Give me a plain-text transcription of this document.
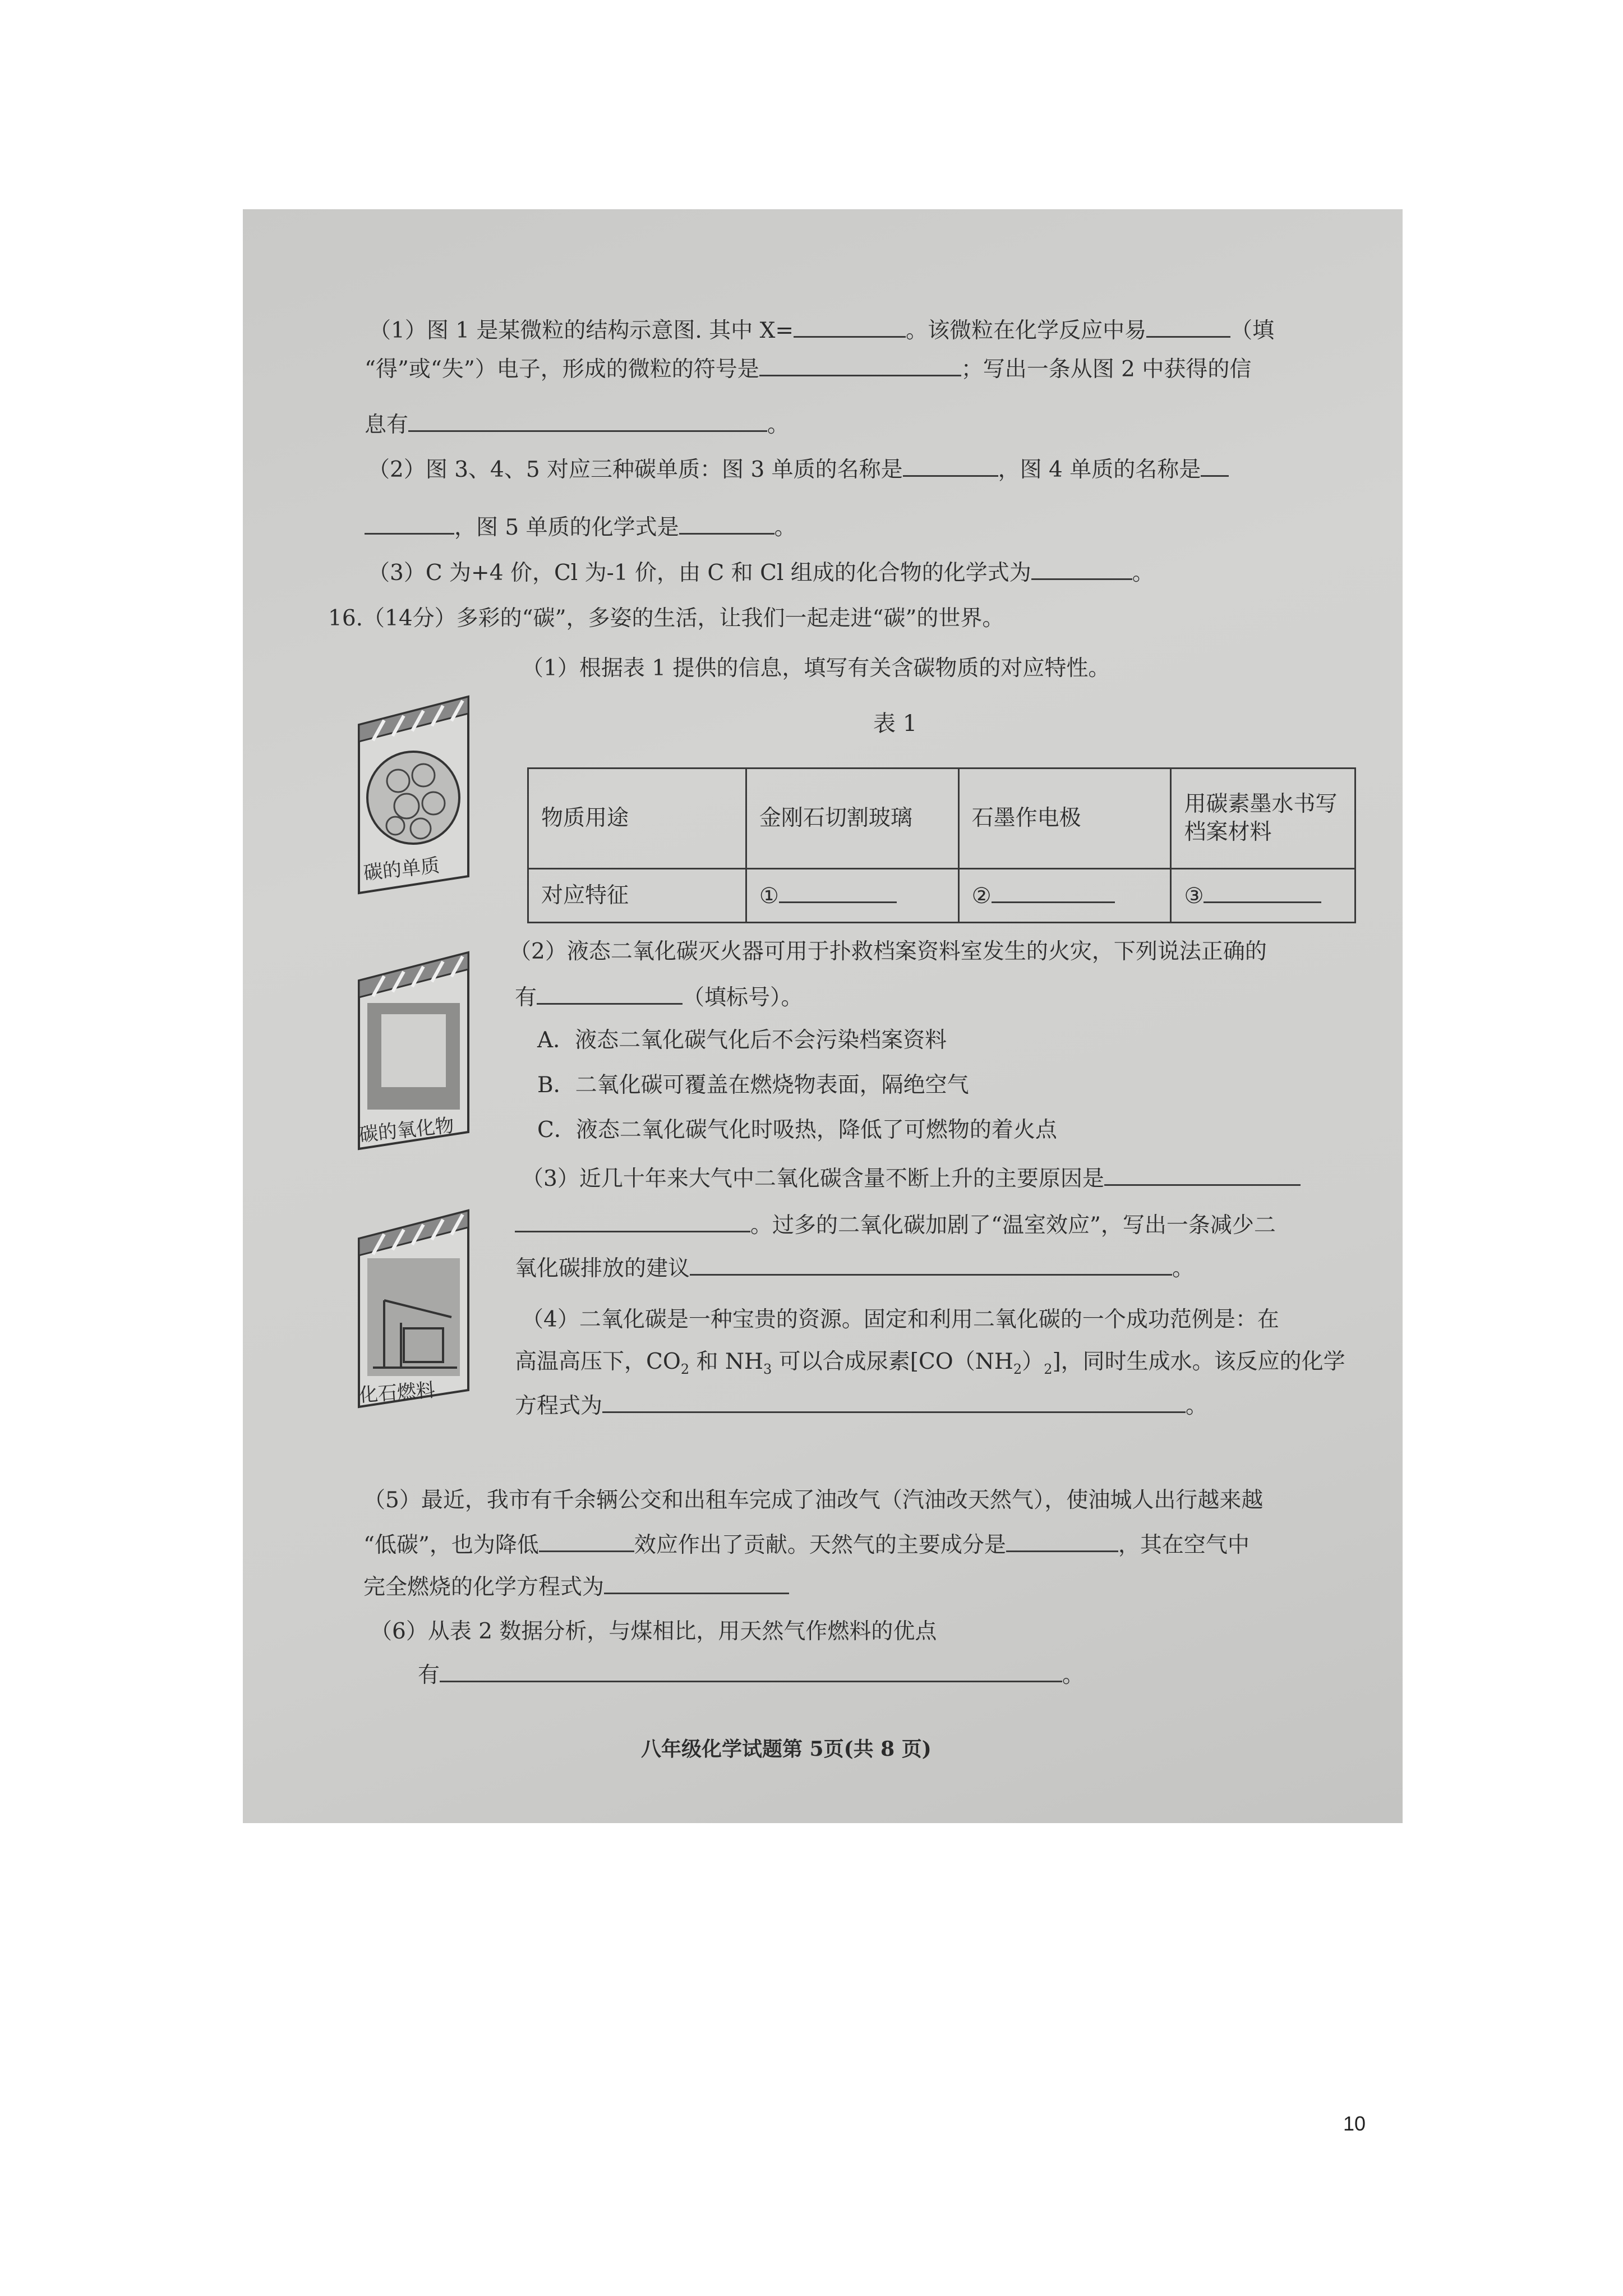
（1）图 1 是某微粒的结构示意图. 其中 X=	。该微粒在化学反应中易	（填
“得”或“失”）电子，形成的微粒的符号是	；写出一条从图 2 中获得的信
息有	。
（2）图 3、4、5 对应三种碳单质：图 3 单质的名称是	，图 4 单质的名称是
，图 5 单质的化学式是	。
（3）C 为+4 价，Cl 为-1 价，由 C 和 Cl 组成的化合物的化学式为	。
16.（14分）多彩的“碳”，多姿的生活，让我们一起走进“碳”的世界。
（1）根据表 1 提供的信息，填写有关含碳物质的对应特性。
表 1
物质用途	金刚石切割玻璃	石墨作电极	用碳素墨水书写档案材料
对应特征	①	②	③
（2）液态二氧化碳灭火器可用于扑救档案资料室发生的火灾，下列说法正确的
有	（填标号）。
A．液态二氧化碳气化后不会污染档案资料
B．二氧化碳可覆盖在燃烧物表面，隔绝空气
C．液态二氧化碳气化时吸热，降低了可燃物的着火点
（3）近几十年来大气中二氧化碳含量不断上升的主要原因是
。过多的二氧化碳加剧了“温室效应”，写出一条减少二
氧化碳排放的建议	。
（4）二氧化碳是一种宝贵的资源。固定和利用二氧化碳的一个成功范例是：在
高温高压下，$CO_2$ 和 $NH_3$ 可以合成尿素$[CO(NH_2)_2]$，同时生成水。该反应的化学
方程式为	。
（5）最近，我市有千余辆公交和出租车完成了油改气（汽油改天然气），使油城人出行越来越
“低碳”，也为降低	效应作出了贡献。天然气的主要成分是	，其在空气中
完全燃烧的化学方程式为
（6）从表 2 数据分析，与煤相比，用天然气作燃料的优点
有	。
碳的单质
碳的氧化物
化石燃料
八年级化学试题第 5页(共 8 页)
10
